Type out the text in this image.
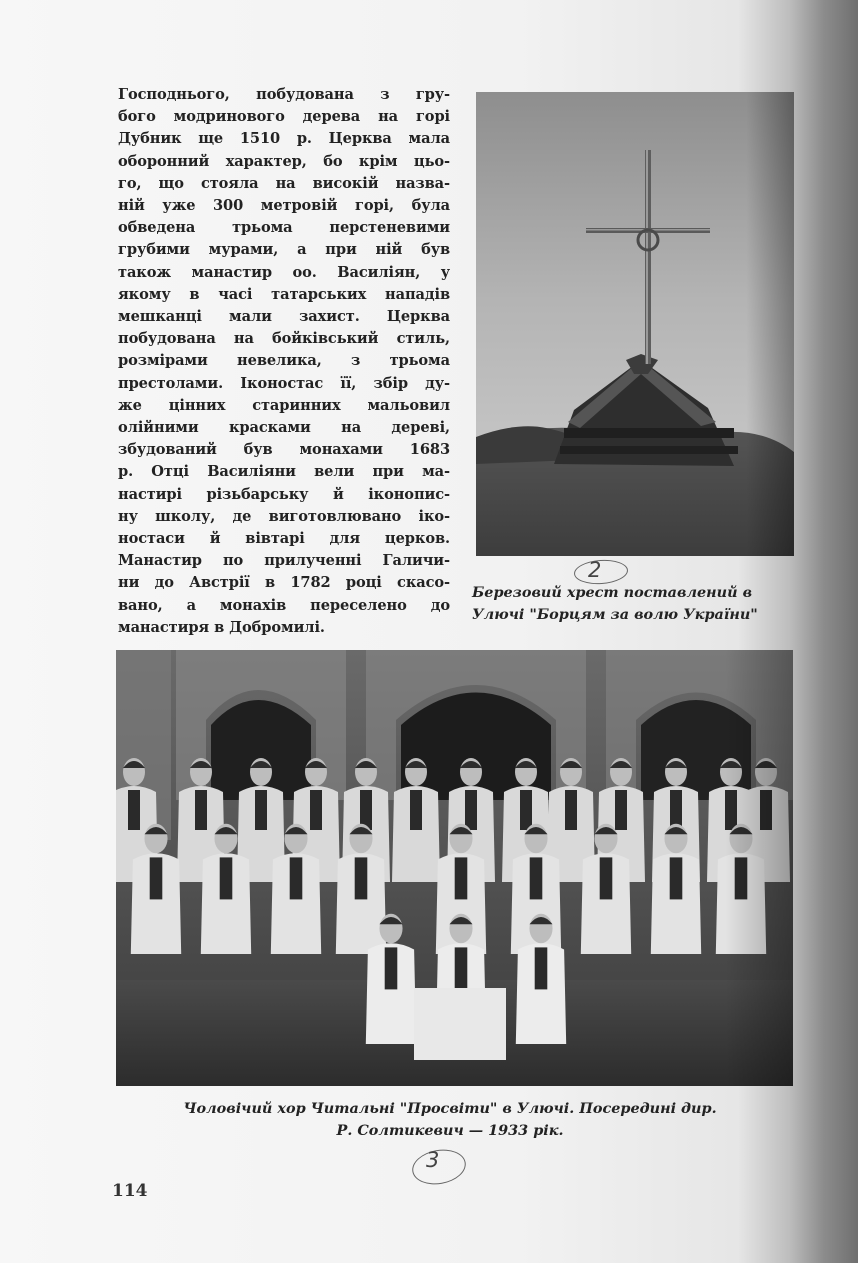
Господнього, побудована з гру-
бого модринового дерева на горі
Дубник ще 1510 р. Церква мала
оборонний характер, бо крім цьо-
го, що стояла на високій назва-
ній уже 300 метровій горі, була
обведена трьома перстеневими
грубими мурами, а при ній був
також манастир оо. Василіян, у
якому в часі татарських нападів
мешканці мали захист. Церква
побудована на бойківський стиль,
розмірами невелика, з трьома
престолами. Іконостас її, збір ду-
же цінних старинних мальовил
олійними красками на дереві,
збудований був монахами 1683
р. Отці Василіяни вели при ма-
настирі різьбарську й іконопис-
ну школу, де виготовлювано іко-
ностаси й вівтарі для церков.
Манастир по прилученні Галичи-
ни до Австрії в 1782 році скасо-
вано, а монахів переселено до
манастиря в Добромилі.
Березовий хрест поставлений в
Улючі "Борцям за волю України"
Чоловічий хор Читальні "Просвіти" в Улючі. Посередині дир.
Р. Солтикевич — 1933 рік.
2
3

114
